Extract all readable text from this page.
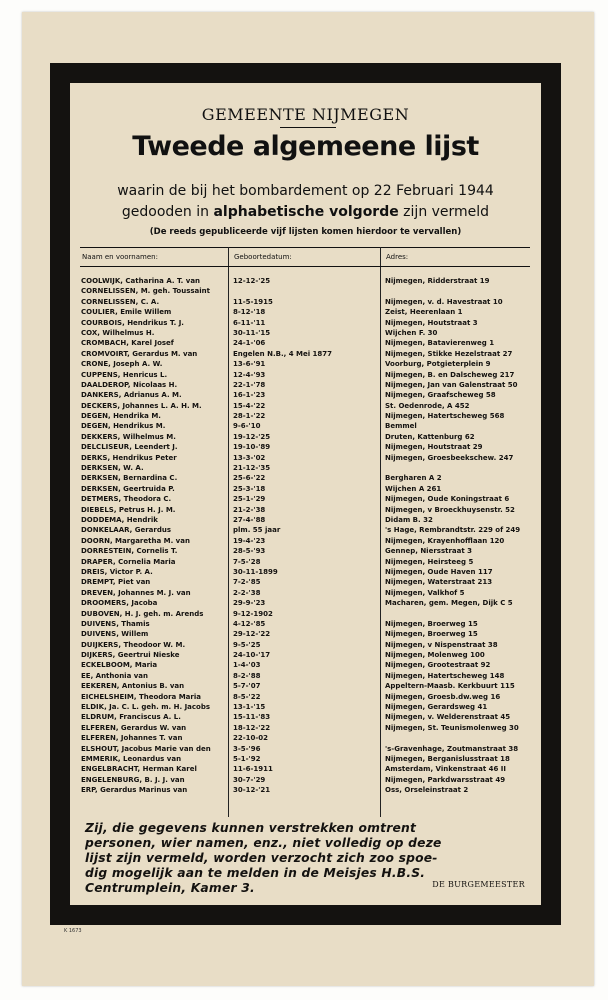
K 1673
GEMEENTE NIJMEGEN
Tweede algemeene lijst
waarin de bij het bombardement op 22 Februari 1944
gedooden in alphabetische volgorde zijn vermeld
(De reeds gepubliceerde vijf lijsten komen hierdoor te vervallen)
Naam en voornamen:	Geboortedatum:	Adres:
COOLWIJK, Catharina A. T. van	12-12-'25	Nijmegen, Ridderstraat 19
CORNELISSEN, M. geh. Toussaint
CORNELISSEN, C. A.	11-5-1915	Nijmegen, v. d. Havestraat 10
COULIER, Emile Willem	8-12-'18	Zeist, Heerenlaan 1
COURBOIS, Hendrikus T. J.	6-11-'11	Nijmegen, Houtstraat 3
COX, Wilhelmus H.	30-11-'15	Wijchen F. 30
CROMBACH, Karel Josef	24-1-'06	Nijmegen, Batavierenweg 1
CROMVOIRT, Gerardus M. van	Engelen N.B., 4 Mei 1877	Nijmegen, Stikke Hezelstraat 27
CRONE, Joseph A. W.	13-6-'91	Voorburg, Potgieterplein 9
CUPPENS, Henricus L.	12-4-'93	Nijmegen, B. en Dalscheweg 217
DAALDEROP, Nicolaas H.	22-1-'78	Nijmegen, Jan van Galenstraat 50
DANKERS, Adrianus A. M.	16-1-'23	Nijmegen, Graafscheweg 58
DECKERS, Johannes L. A. H. M.	15-4-'22	St. Oedenrode, A 452
DEGEN, Hendrika M.	28-1-'22	Nijmegen, Hatertscheweg 568
DEGEN, Hendrikus M.	9-6-'10	Bemmel
DEKKERS, Wilhelmus M.	19-12-'25	Druten, Kattenburg 62
DELCLISEUR, Leendert J.	19-10-'89	Nijmegen, Houtstraat 29
DERKS, Hendrikus Peter	13-3-'02	Nijmegen, Groesbeekschew. 247
DERKSEN, W. A.	21-12-'35
DERKSEN, Bernardina C.	25-6-'22	Bergharen A 2
DERKSEN, Geertruida P.	25-3-'18	Wijchen A 261
DETMERS, Theodora C.	25-1-'29	Nijmegen, Oude Koningstraat 6
DIEBELS, Petrus H. J. M.	21-2-'38	Nijmegen, v Broeckhuysenstr. 52
DODDEMA, Hendrik	27-4-'88	Didam B. 32
DONKELAAR, Gerardus	plm. 55 jaar	's Hage, Rembrandtstr. 229 of 249
DOORN, Margaretha M. van	19-4-'23	Nijmegen, Krayenhofflaan 120
DORRESTEIN, Cornelis T.	28-5-'93	Gennep, Niersstraat 3
DRAPER, Cornelia Maria	7-5-'28	Nijmegen, Heirsteeg 5
DREIS, Victor P. A.	30-11-1899	Nijmegen, Oude Haven 117
DREMPT, Piet van	7-2-'85	Nijmegen, Waterstraat 213
DREVEN, Johannes M. J. van	2-2-'38	Nijmegen, Valkhof 5
DROOMERS, Jacoba	29-9-'23	Macharen, gem. Megen, Dijk C 5
DUBOVEN, H. J. geh. m. Arends	9-12-1902
DUIVENS, Thamis	4-12-'85	Nijmegen, Broerweg 15
DUIVENS, Willem	29-12-'22	Nijmegen, Broerweg 15
DUIJKERS, Theodoor W. M.	9-5-'25	Nijmegen, v Nispenstraat 38
DIJKERS, Geertrui Nieske	24-10-'17	Nijmegen, Molenweg 100
ECKELBOOM, Maria	1-4-'03	Nijmegen, Grootestraat 92
EE, Anthonia van	8-2-'88	Nijmegen, Hatertscheweg 148
EEKEREN, Antonius B. van	5-7-'07	Appeltern-Maasb. Kerkbuurt 115
EICHELSHEIM, Theodora Maria	8-5-'22	Nijmegen, Groesb.dw.weg 16
ELDIK, Ja. C. L. geh. m. H. Jacobs	13-1-'15	Nijmegen, Gerardsweg 41
ELDRUM, Franciscus A. L.	15-11-'83	Nijmegen, v. Welderenstraat 45
ELFEREN, Gerardus W. van	18-12-'22	Nijmegen, St. Teunismolenweg 30
ELFEREN, Johannes T. van	22-10-02
ELSHOUT, Jacobus Marie van den	3-5-'96	's-Gravenhage, Zoutmanstraat 38
EMMERIK, Leonardus van	5-1-'92	Nijmegen, Berganislusstraat 18
ENGELBRACHT, Herman Karel	11-6-1911	Amsterdam, Vinkenstraat 46 II
ENGELENBURG, B. J. J. van	30-7-'29	Nijmegen, Parkdwarsstraat 49
ERP, Gerardus Marinus van	30-12-'21	Oss, Orseleinstraat 2
Zij, die gegevens kunnen verstrekken omtrent
personen, wier namen, enz., niet volledig op deze
lijst zijn vermeld, worden verzocht zich zoo spoe-
dig mogelijk aan te melden in de Meisjes H.B.S.
Centrumplein, Kamer 3.	DE BURGEMEESTER
